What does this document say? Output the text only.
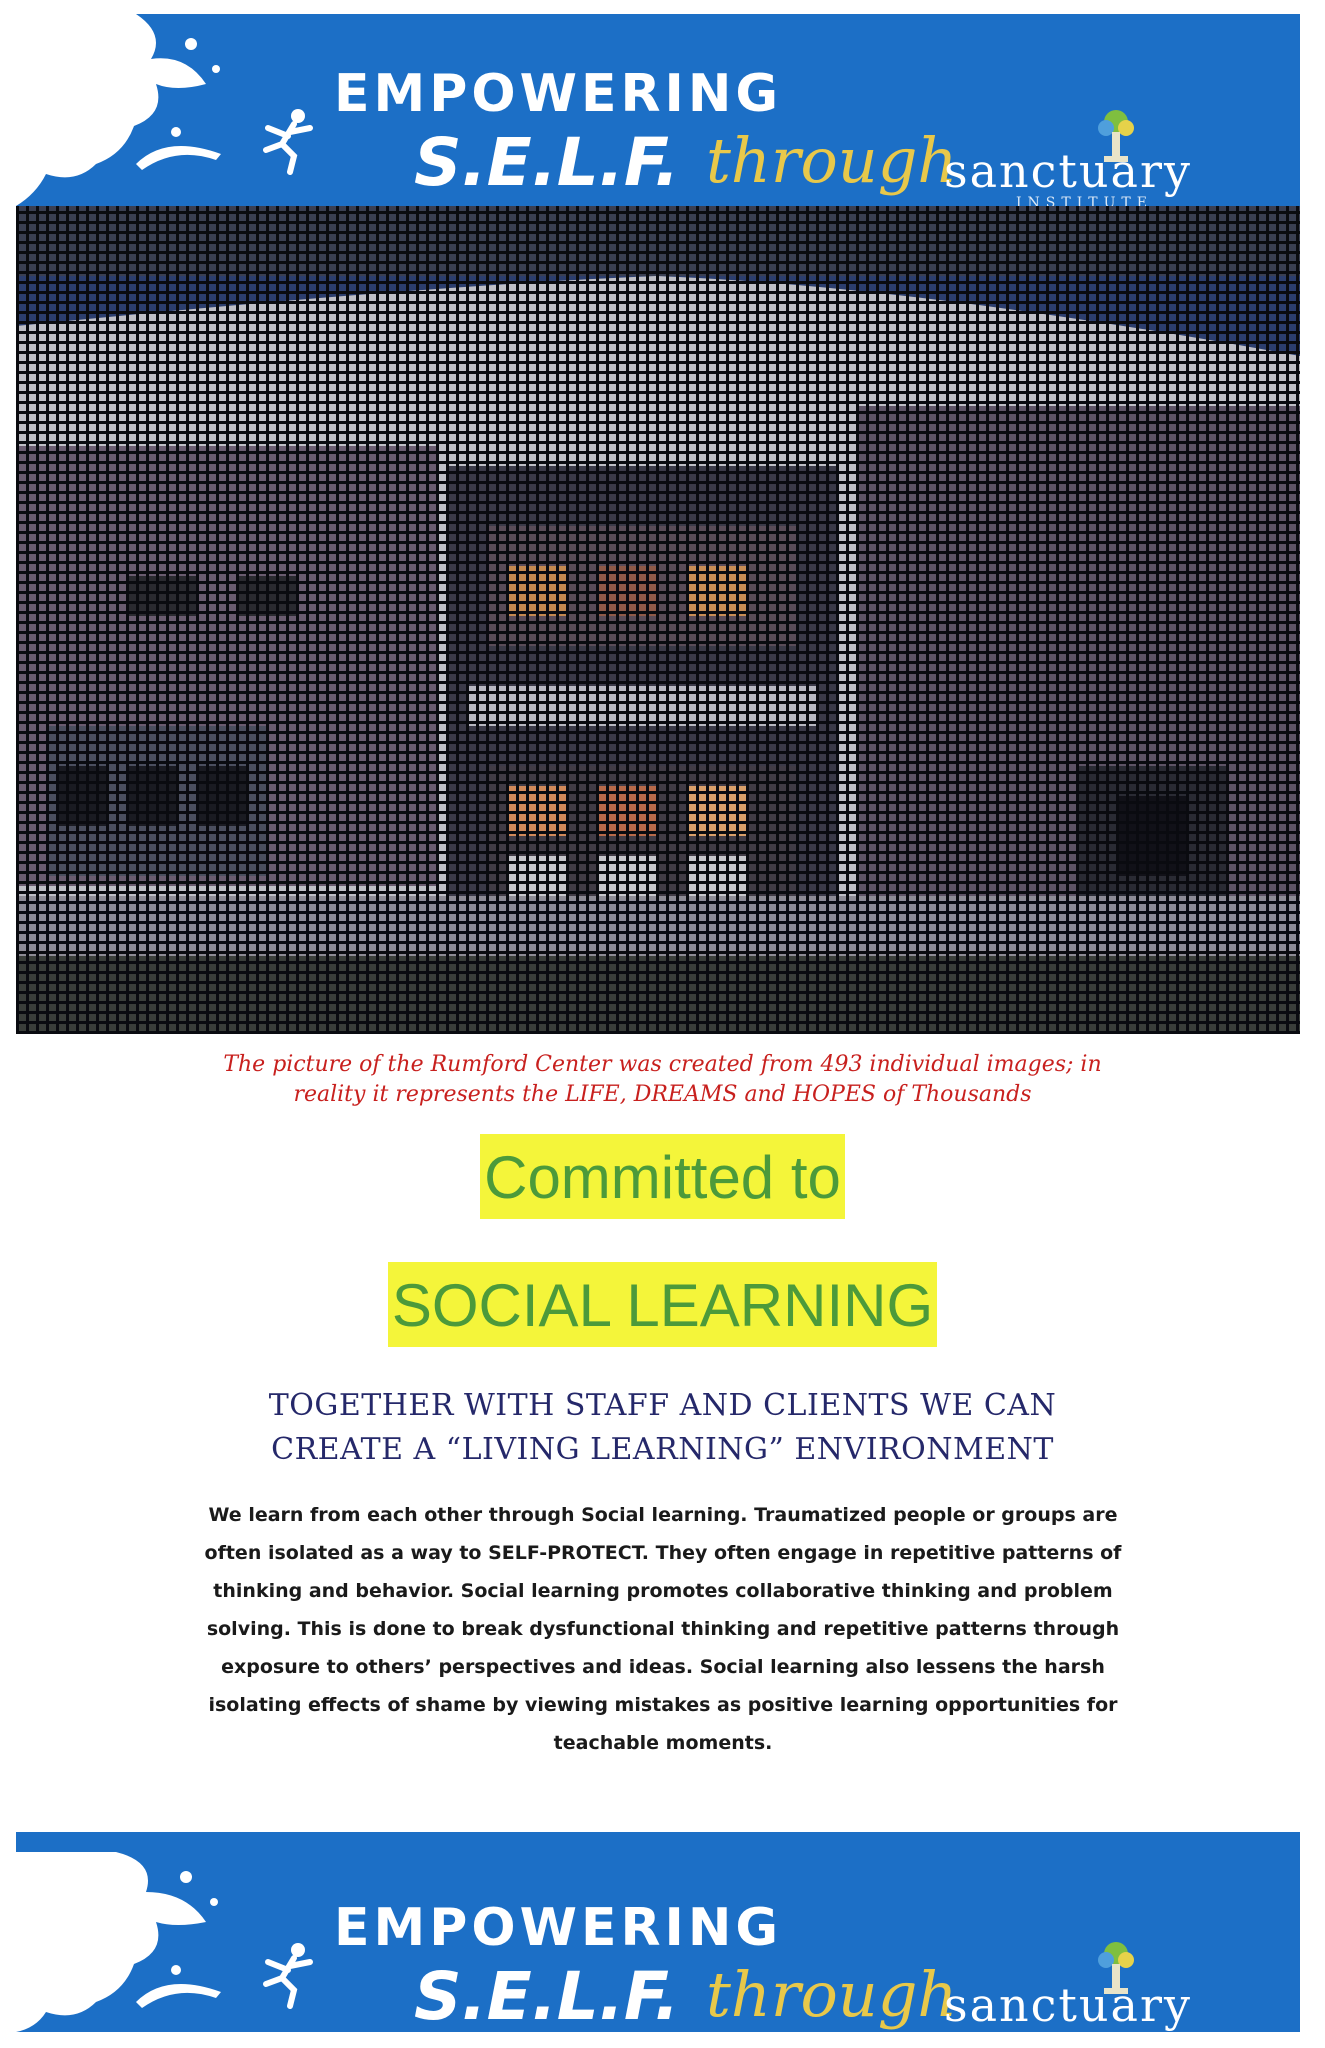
EMPOWERING
S.E.L.F. through
sanctuary
INSTITUTE
The picture of the Rumford Center was created from 493 individual images; in
reality it represents the LIFE, DREAMS and HOPES of Thousands
Committed to
SOCIAL LEARNING
TOGETHER WITH STAFF AND CLIENTS WE CAN
CREATE A “LIVING LEARNING” ENVIRONMENT
We learn from each other through Social learning. Traumatized people or groups are
often isolated as a way to SELF-PROTECT. They often engage in repetitive patterns of
thinking and behavior. Social learning promotes collaborative thinking and problem
solving. This is done to break dysfunctional thinking and repetitive patterns through
exposure to others’ perspectives and ideas. Social learning also lessens the harsh
isolating effects of shame by viewing mistakes as positive learning opportunities for
teachable moments.
EMPOWERING
S.E.L.F. through
sanctuary
